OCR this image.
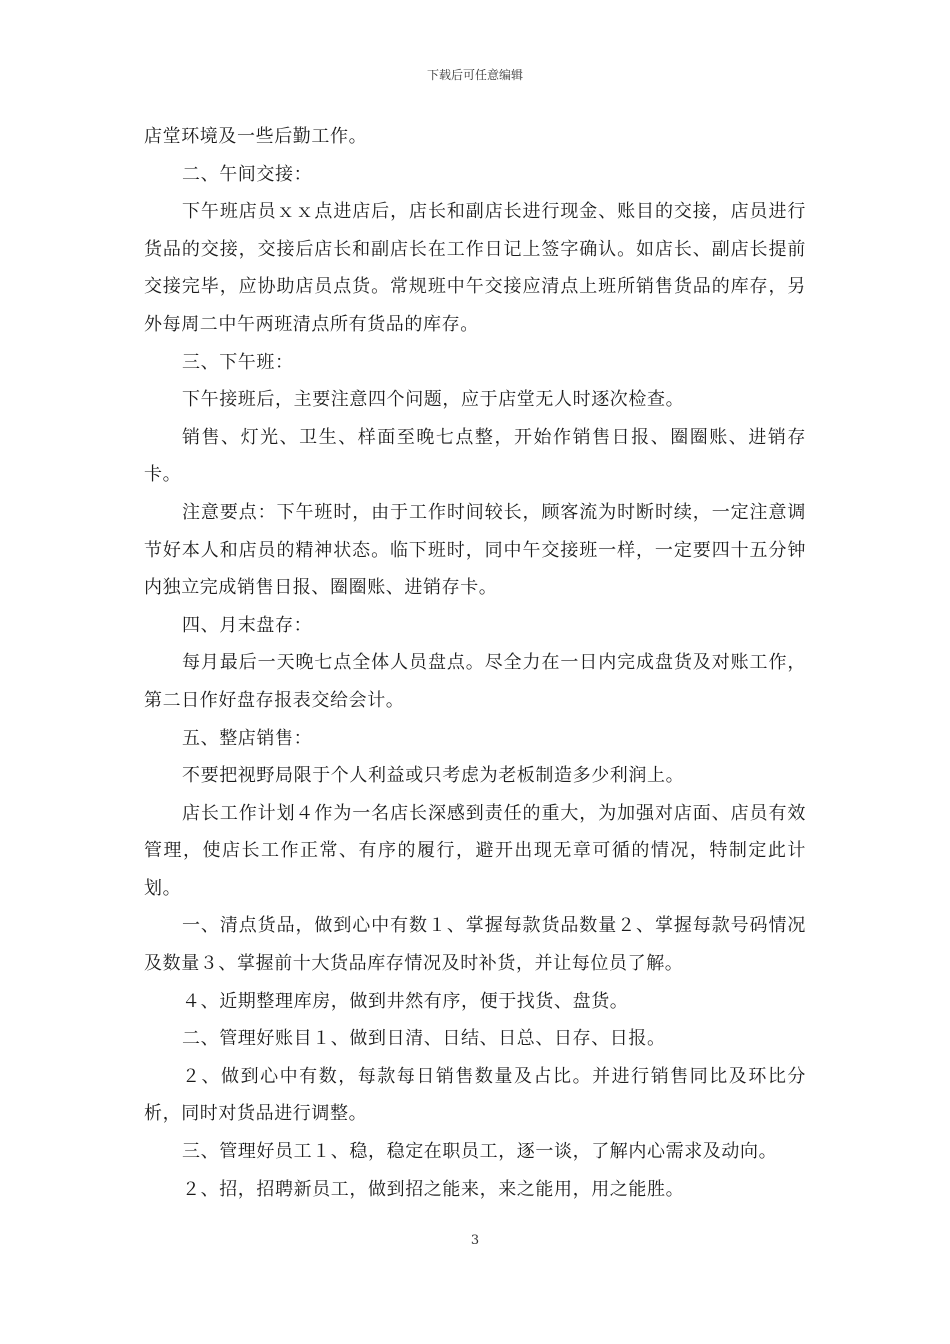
下载后可任意编辑

店堂环境及一些后勤工作。

二、午间交接：

下午班店员ｘｘ点进店后，店长和副店长进行现金、账目的交接，店员进行货品的交接，交接后店长和副店长在工作日记上签字确认。如店长、副店长提前交接完毕，应协助店员点货。常规班中午交接应清点上班所销售货品的库存，另外每周二中午两班清点所有货品的库存。

三、下午班：

下午接班后，主要注意四个问题，应于店堂无人时逐次检查。

销售、灯光、卫生、样面至晚七点整，开始作销售日报、圈圈账、进销存卡。

注意要点：下午班时，由于工作时间较长，顾客流为时断时续，一定注意调节好本人和店员的精神状态。临下班时，同中午交接班一样，一定要四十五分钟内独立完成销售日报、圈圈账、进销存卡。

四、月末盘存：

每月最后一天晚七点全体人员盘点。尽全力在一日内完成盘货及对账工作，第二日作好盘存报表交给会计。

五、整店销售：

不要把视野局限于个人利益或只考虑为老板制造多少利润上。

店长工作计划４作为一名店长深感到责任的重大，为加强对店面、店员有效管理，使店长工作正常、有序的履行，避开出现无章可循的情况，特制定此计划。

一、清点货品，做到心中有数１、掌握每款货品数量２、掌握每款号码情况及数量３、掌握前十大货品库存情况及时补货，并让每位员了解。

４、近期整理库房，做到井然有序，便于找货、盘货。

二、管理好账目１、做到日清、日结、日总、日存、日报。

２、做到心中有数，每款每日销售数量及占比。并进行销售同比及环比分析，同时对货品进行调整。

三、管理好员工１、稳，稳定在职员工，逐一谈，了解内心需求及动向。

２、招，招聘新员工，做到招之能来，来之能用，用之能胜。

3
